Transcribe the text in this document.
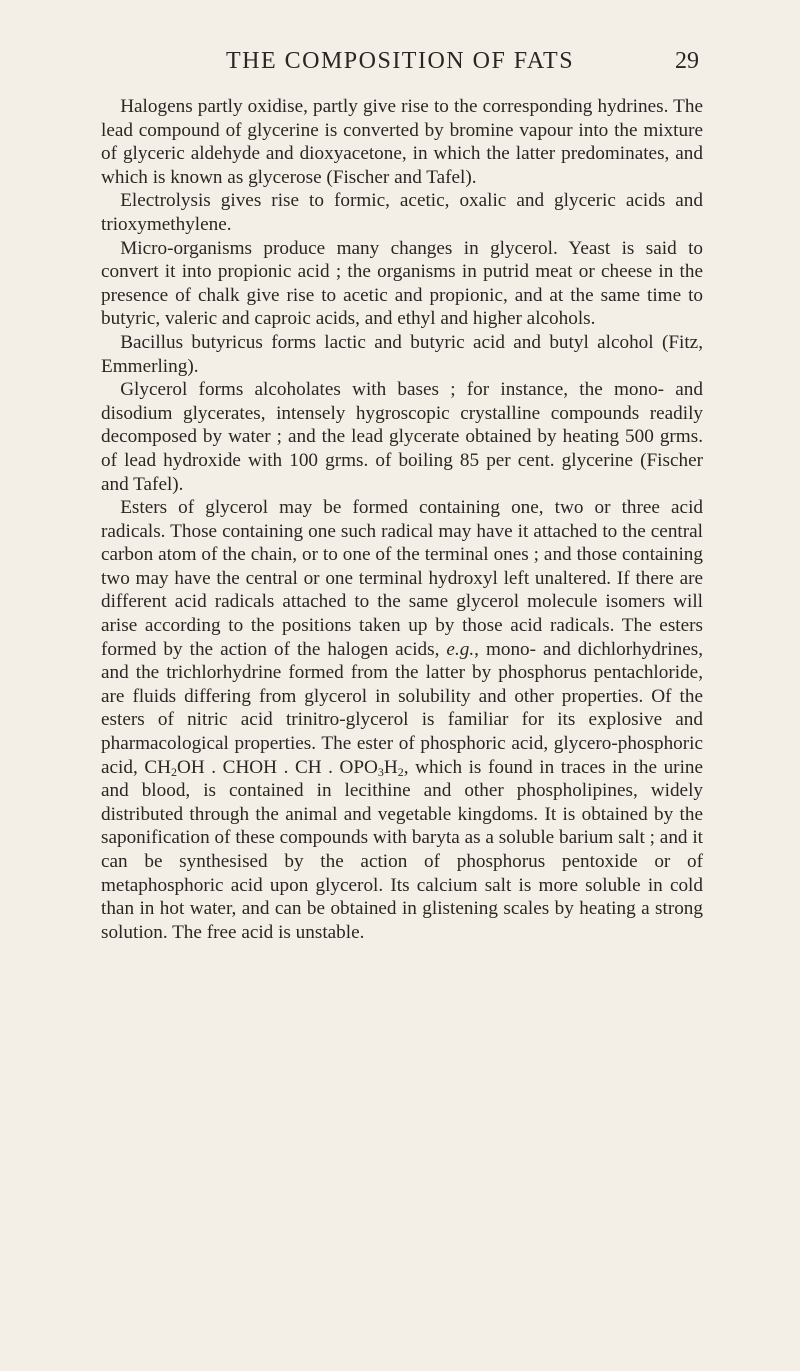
THE COMPOSITION OF FATS	29

Halogens partly oxidise, partly give rise to the corresponding hydrines. The lead compound of glycerine is converted by bromine vapour into the mixture of glyceric aldehyde and dioxyacetone, in which the latter predominates, and which is known as glycerose (Fischer and Tafel).

Electrolysis gives rise to formic, acetic, oxalic and glyceric acids and trioxymethylene.

Micro-organisms produce many changes in glycerol. Yeast is said to convert it into propionic acid ; the organisms in putrid meat or cheese in the presence of chalk give rise to acetic and propionic, and at the same time to butyric, valeric and caproic acids, and ethyl and higher alcohols.

Bacillus butyricus forms lactic and butyric acid and butyl alcohol (Fitz, Emmerling).

Glycerol forms alcoholates with bases ; for instance, the mono- and disodium glycerates, intensely hygroscopic crystalline compounds readily decomposed by water ; and the lead glycerate obtained by heating 500 grms. of lead hydroxide with 100 grms. of boiling 85 per cent. glycerine (Fischer and Tafel).

Esters of glycerol may be formed containing one, two or three acid radicals. Those containing one such radical may have it attached to the central carbon atom of the chain, or to one of the terminal ones ; and those containing two may have the central or one terminal hydroxyl left unaltered. If there are different acid radicals attached to the same glycerol molecule isomers will arise according to the positions taken up by those acid radicals. The esters formed by the action of the halogen acids, e.g., mono- and dichlorhydrines, and the trichlorhydrine formed from the latter by phosphorus pentachloride, are fluids differing from glycerol in solubility and other properties. Of the esters of nitric acid trinitro-glycerol is familiar for its explosive and pharmacological properties. The ester of phosphoric acid, glycero-phosphoric acid, $CH_2OH$ . CHOH . CH . $OPO_3H_2$, which is found in traces in the urine and blood, is contained in lecithine and other phospholipines, widely distributed through the animal and vegetable kingdoms. It is obtained by the saponification of these compounds with baryta as a soluble barium salt ; and it can be synthesised by the action of phosphorus pentoxide or of metaphosphoric acid upon glycerol. Its calcium salt is more soluble in cold than in hot water, and can be obtained in glistening scales by heating a strong solution. The free acid is unstable.
